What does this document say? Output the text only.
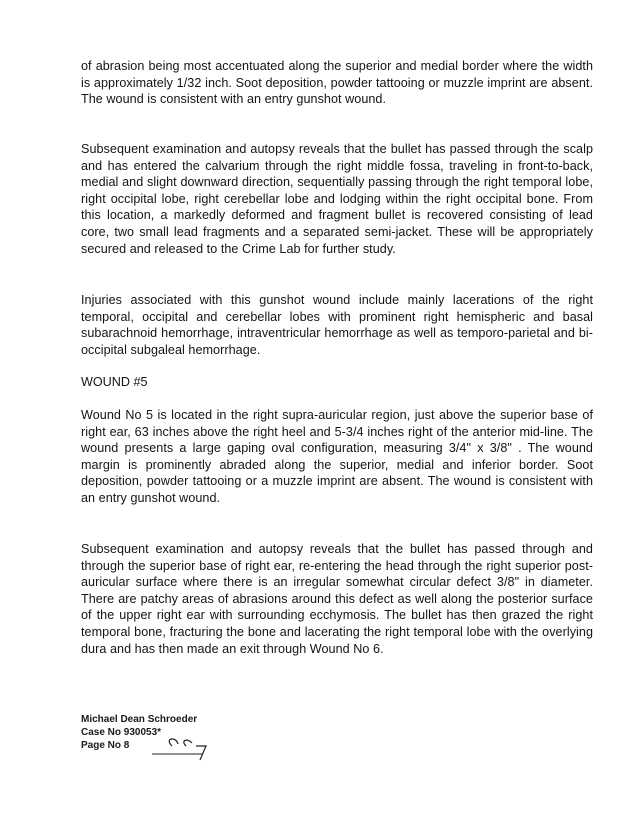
of abrasion being most accentuated along the superior and medial border where the width is approximately 1/32 inch. Soot deposition, powder tattooing or muzzle imprint are absent. The wound is consistent with an entry gunshot wound.

Subsequent examination and autopsy reveals that the bullet has passed through the scalp and has entered the calvarium through the right middle fossa, traveling in front-to-back, medial and slight downward direction, sequentially passing through the right temporal lobe, right occipital lobe, right cerebellar lobe and lodging within the right occipital bone. From this location, a markedly deformed and fragment bullet is recovered consisting of lead core, two small lead fragments and a separated semi-jacket. These will be appropriately secured and released to the Crime Lab for further study.

Injuries associated with this gunshot wound include mainly lacerations of the right temporal, occipital and cerebellar lobes with prominent right hemispheric and basal subarachnoid hemorrhage, intraventricular hemorrhage as well as temporo-parietal and bi-occipital subgaleal hemorrhage.

WOUND #5

Wound No 5 is located in the right supra-auricular region, just above the superior base of right ear, 63 inches above the right heel and 5-3/4 inches right of the anterior mid-line. The wound presents a large gaping oval configuration, measuring 3/4" x 3/8" . The wound margin is prominently abraded along the superior, medial and inferior border. Soot deposition, powder tattooing or a muzzle imprint are absent. The wound is consistent with an entry gunshot wound.

Subsequent examination and autopsy reveals that the bullet has passed through and through the superior base of right ear, re-entering the head through the right superior post-auricular surface where there is an irregular somewhat circular defect 3/8" in diameter. There are patchy areas of abrasions around this defect as well along the posterior surface of the upper right ear with surrounding ecchymosis. The bullet has then grazed the right temporal bone, fracturing the bone and lacerating the right temporal lobe with the overlying dura and has then made an exit through Wound No 6.

Michael Dean Schroeder
Case No 930053*
Page No 8
